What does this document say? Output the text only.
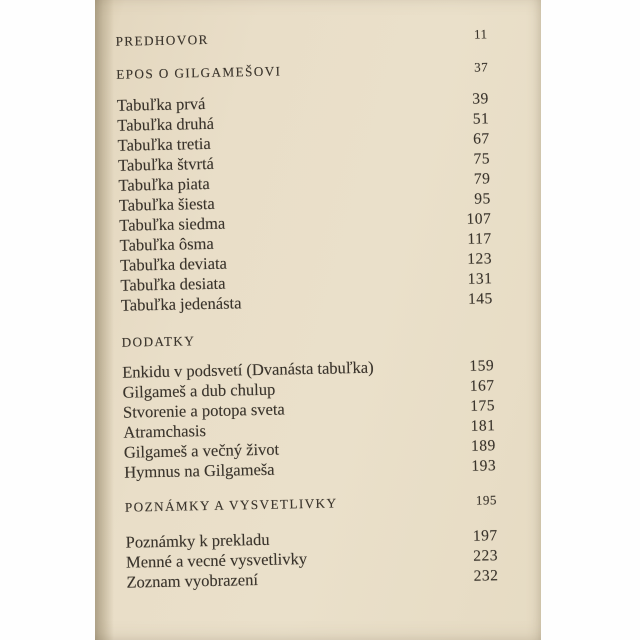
PREDHOVOR	11
EPOS O GILGAMEŠOVI	37
Tabuľka prvá	39
Tabuľka druhá	51
Tabuľka tretia	67
Tabuľka štvrtá	75
Tabuľka piata	79
Tabuľka šiesta	95
Tabuľka siedma	107
Tabuľka ôsma	117
Tabuľka deviata	123
Tabuľka desiata	131
Tabuľka jedenásta	145
DODATKY
Enkidu v podsvetí (Dvanásta tabuľka)	159
Gilgameš a dub chulup	167
Stvorenie a potopa sveta	175
Atramchasis	181
Gilgameš a večný život	189
Hymnus na Gilgameša	193
POZNÁMKY A VYSVETLIVKY	195
Poznámky k prekladu	197
Menné a vecné vysvetlivky	223
Zoznam vyobrazení	232
